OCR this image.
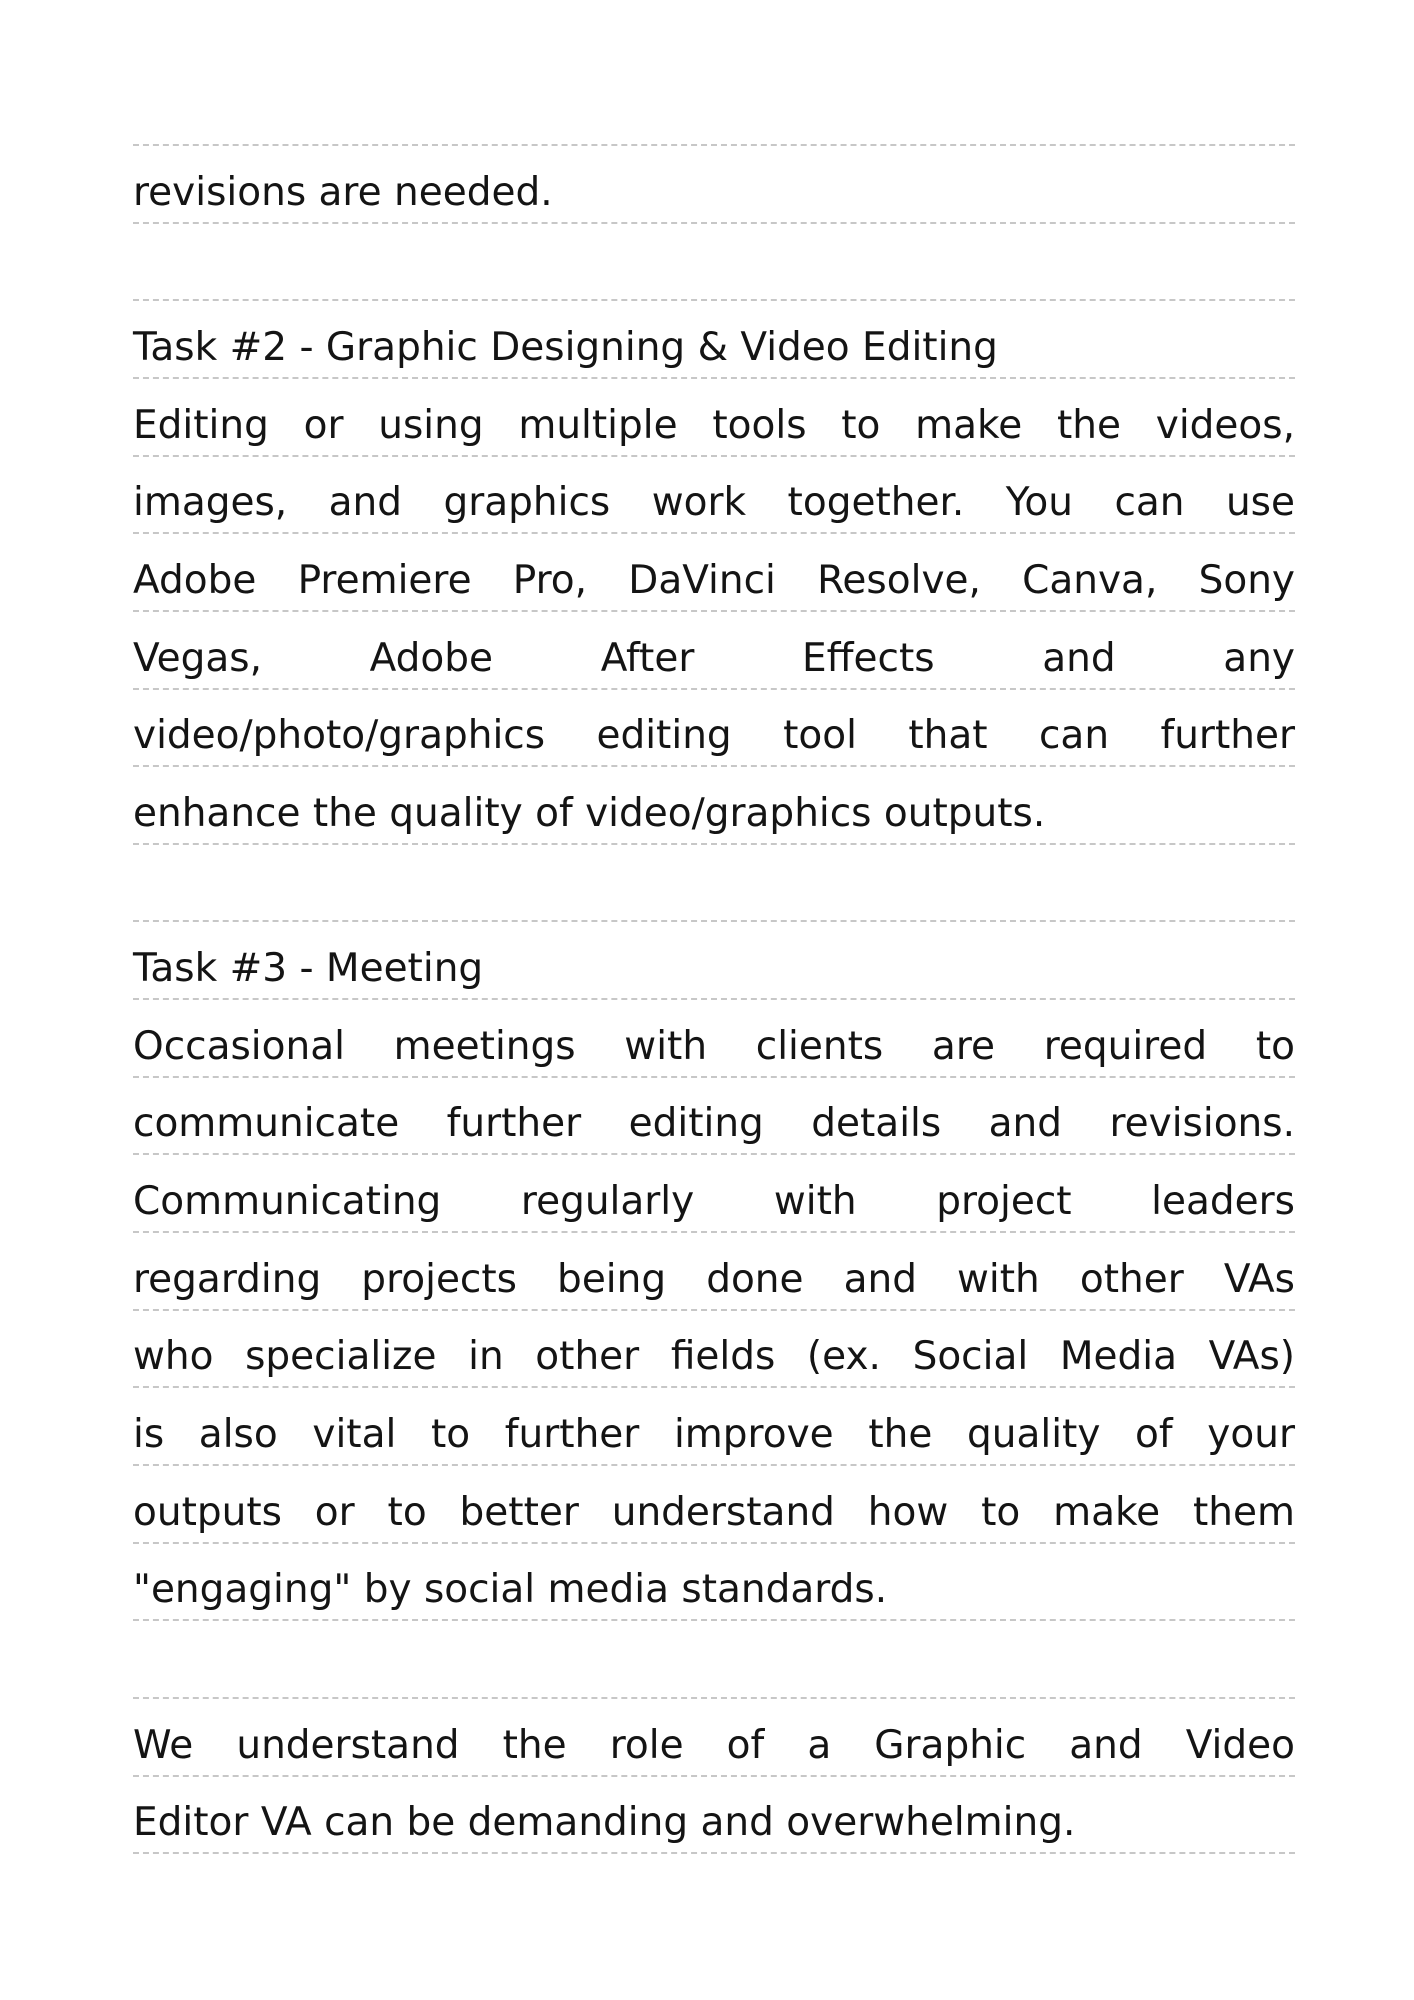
revisions are needed.
Task #2 - Graphic Designing & Video Editing
Editing or using multiple tools to make the videos,
images, and graphics work together. You can use
Adobe Premiere Pro, DaVinci Resolve, Canva, Sony
Vegas, Adobe After Effects and any
video/photo/graphics editing tool that can further
enhance the quality of video/graphics outputs.
Task #3 - Meeting
Occasional meetings with clients are required to
communicate further editing details and revisions.
Communicating regularly with project leaders
regarding projects being done and with other VAs
who specialize in other fields (ex. Social Media VAs)
is also vital to further improve the quality of your
outputs or to better understand how to make them
"engaging" by social media standards.
We understand the role of a Graphic and Video
Editor VA can be demanding and overwhelming.
